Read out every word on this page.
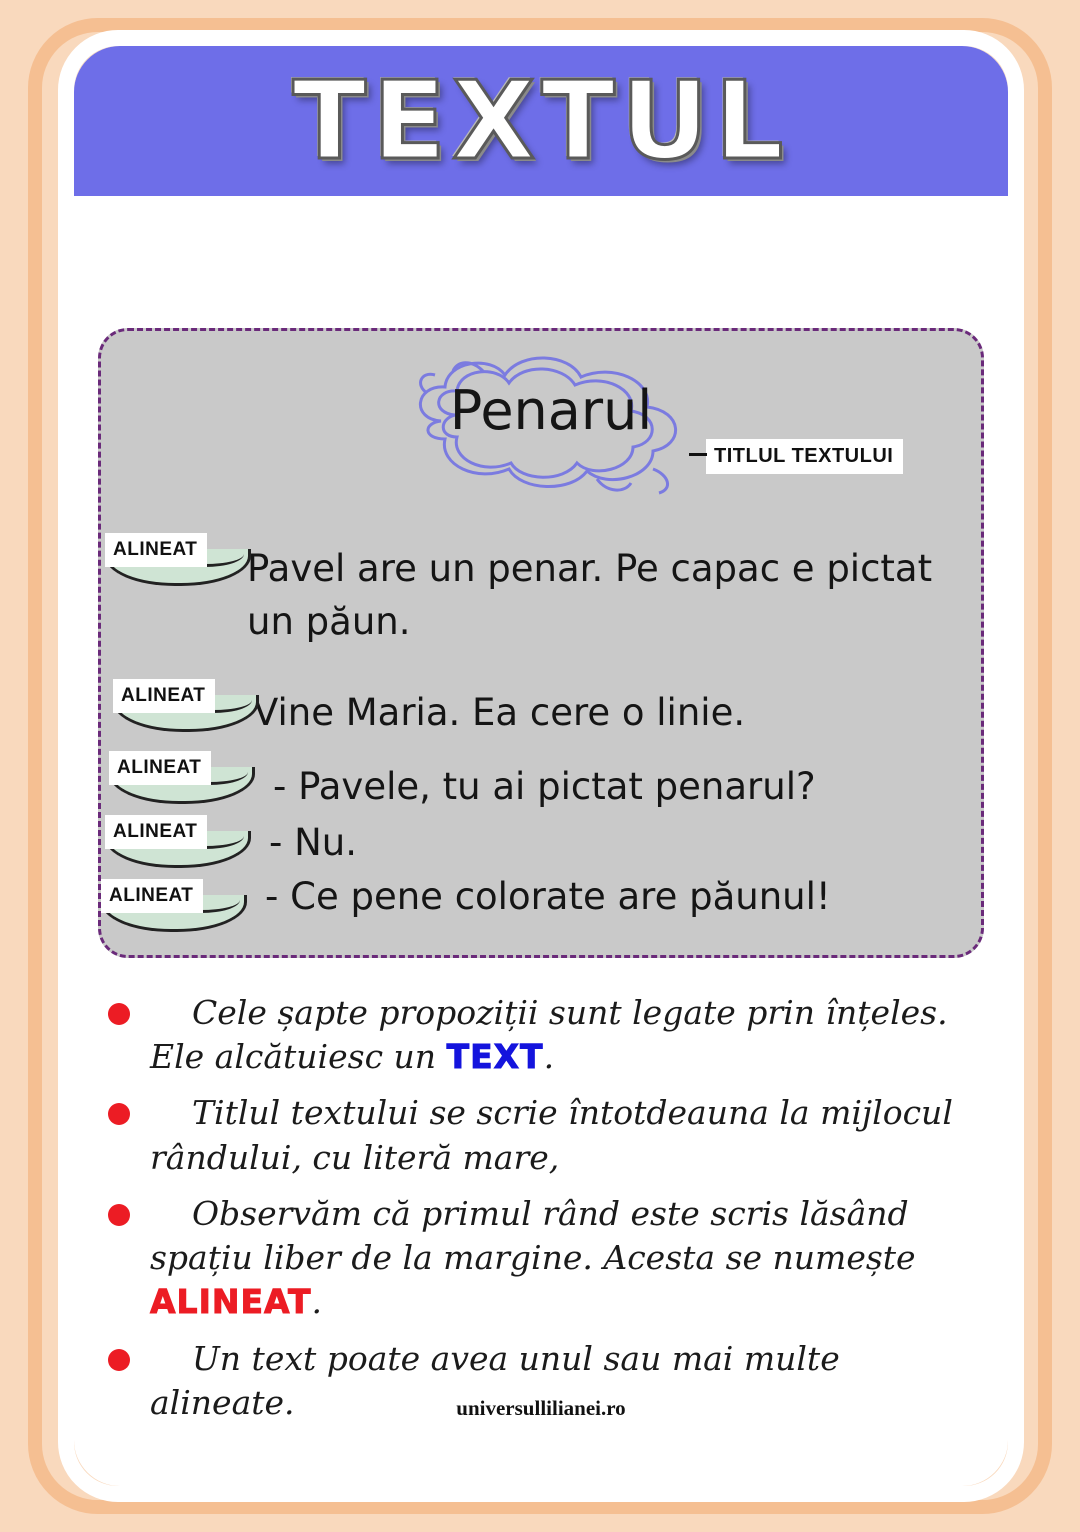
TEXTUL
Penarul
TITLUL TEXTULUI
ALINEAT Pavel are un penar. Pe capac e pictat un păun.
ALINEAT Vine Maria. Ea cere o linie.
ALINEAT - Pavele, tu ai pictat penarul?
ALINEAT - Nu.
ALINEAT - Ce pene colorate are păunul!
Cele șapte propoziții sunt legate prin înțeles. Ele alcătuiesc un TEXT.
Titlul textului se scrie întotdeauna la mijlocul rândului, cu literă mare,
Observăm că primul rând este scris lăsând spațiu liber de la margine. Acesta se numește ALINEAT.
Un text poate avea unul sau mai multe alineate.	universullilianei.ro
